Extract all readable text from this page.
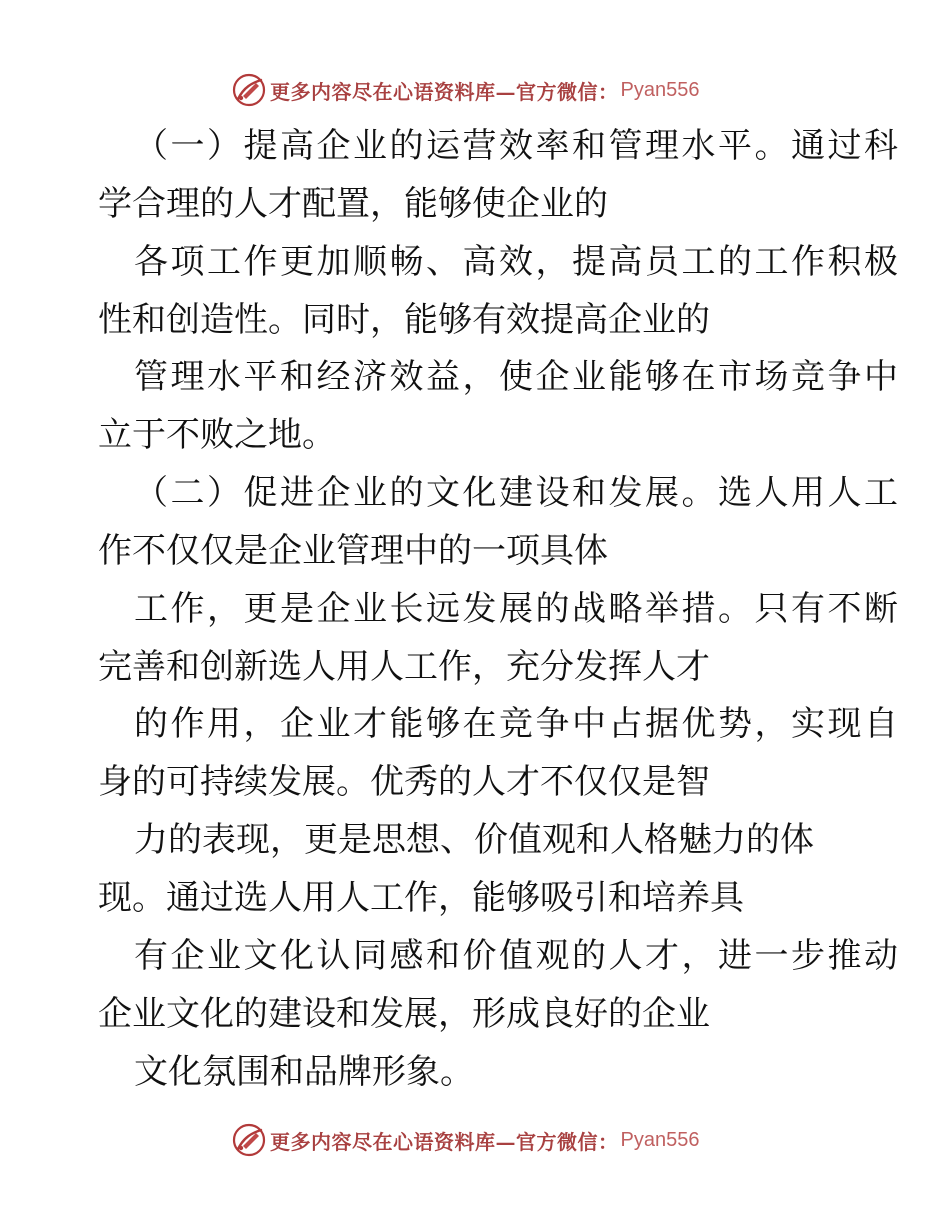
更多内容尽在心语资料库—官方微信： Pyan556
（一）提高企业的运营效率和管理水平。通过科
学合理的人才配置，能够使企业的
各项工作更加顺畅、高效，提高员工的工作积极
性和创造性。同时，能够有效提高企业的
管理水平和经济效益，使企业能够在市场竞争中
立于不败之地。
（二）促进企业的文化建设和发展。选人用人工
作不仅仅是企业管理中的一项具体
工作，更是企业长远发展的战略举措。只有不断
完善和创新选人用人工作，充分发挥人才
的作用，企业才能够在竞争中占据优势，实现自
身的可持续发展。优秀的人才不仅仅是智
力的表现，更是思想、价值观和人格魅力的体
现。通过选人用人工作，能够吸引和培养具
有企业文化认同感和价值观的人才，进一步推动
企业文化的建设和发展，形成良好的企业
文化氛围和品牌形象。
更多内容尽在心语资料库—官方微信： Pyan556
